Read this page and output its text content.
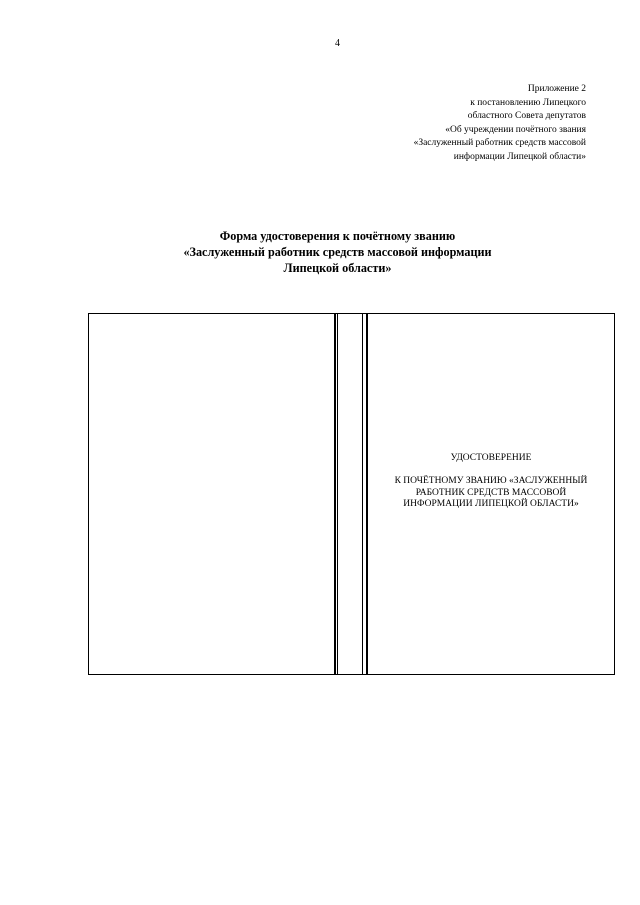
4
Приложение 2
к постановлению Липецкого
областного Совета депутатов
«Об учреждении почётного звания
«Заслуженный работник средств массовой
информации Липецкой области»
Форма удостоверения к почётному званию
«Заслуженный работник средств массовой информации
Липецкой области»
УДОСТОВЕРЕНИЕ
К ПОЧЁТНОМУ ЗВАНИЮ «ЗАСЛУЖЕННЫЙ
РАБОТНИК СРЕДСТВ МАССОВОЙ
ИНФОРМАЦИИ ЛИПЕЦКОЙ ОБЛАСТИ»
